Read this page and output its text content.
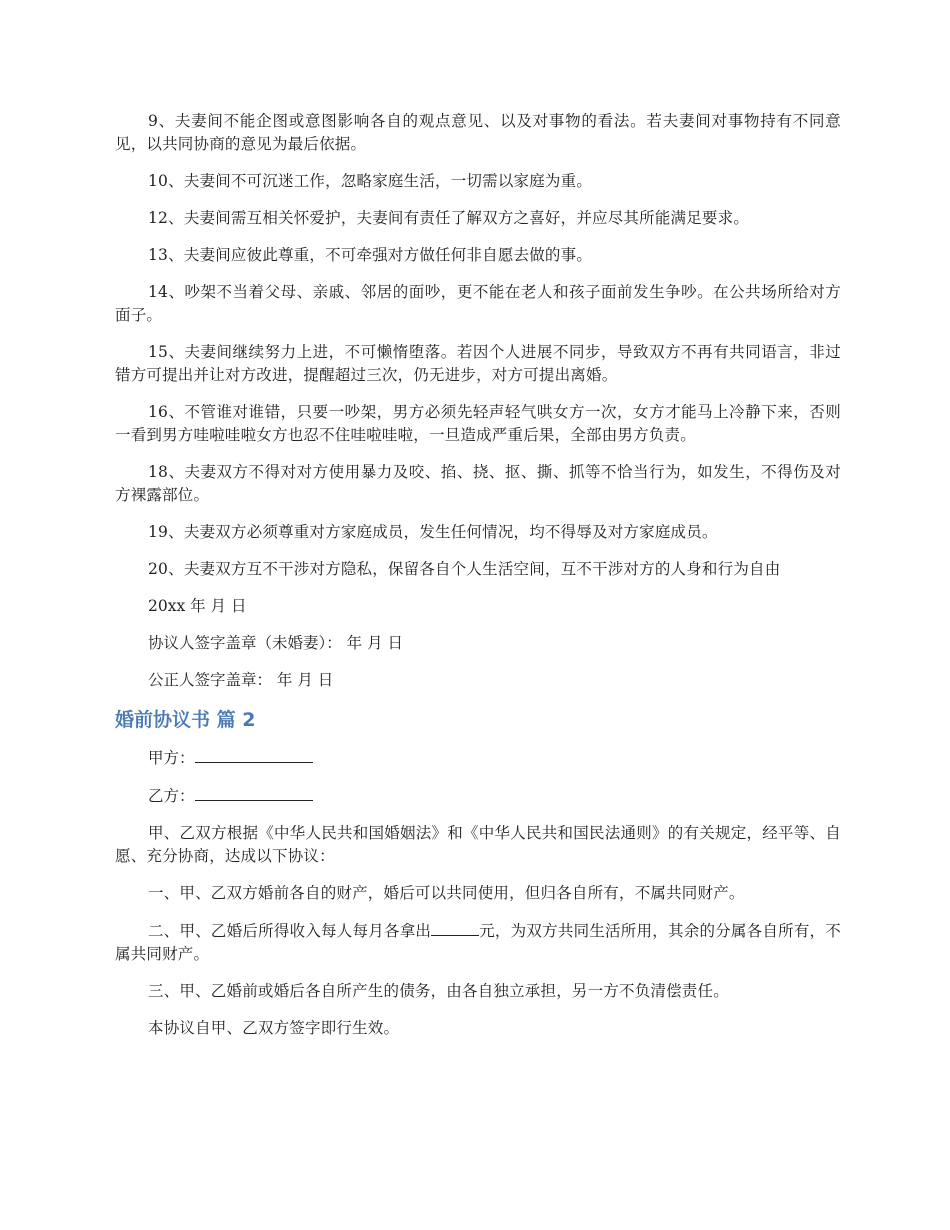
9、夫妻间不能企图或意图影响各自的观点意见、以及对事物的看法。若夫妻间对事物持有不同意见，以共同协商的意见为最后依据。

10、夫妻间不可沉迷工作，忽略家庭生活，一切需以家庭为重。

12、夫妻间需互相关怀爱护，夫妻间有责任了解双方之喜好，并应尽其所能满足要求。

13、夫妻间应彼此尊重，不可牵强对方做任何非自愿去做的事。

14、吵架不当着父母、亲戚、邻居的面吵，更不能在老人和孩子面前发生争吵。在公共场所给对方面子。

15、夫妻间继续努力上进，不可懒惰堕落。若因个人进展不同步，导致双方不再有共同语言，非过错方可提出并让对方改进，提醒超过三次，仍无进步，对方可提出离婚。

16、不管谁对谁错，只要一吵架，男方必须先轻声轻气哄女方一次，女方才能马上冷静下来，否则一看到男方哇啦哇啦女方也忍不住哇啦哇啦，一旦造成严重后果，全部由男方负责。

18、夫妻双方不得对对方使用暴力及咬、掐、挠、抠、撕、抓等不恰当行为，如发生，不得伤及对方裸露部位。

19、夫妻双方必须尊重对方家庭成员，发生任何情况，均不得辱及对方家庭成员。

20、夫妻双方互不干涉对方隐私，保留各自个人生活空间，互不干涉对方的人身和行为自由

20xx 年 月 日

协议人签字盖章（未婚妻）： 年 月 日

公正人签字盖章： 年 月 日

婚前协议书 篇 2

甲方：

乙方：

甲、乙双方根据《中华人民共和国婚姻法》和《中华人民共和国民法通则》的有关规定，经平等、自愿、充分协商，达成以下协议：

一、甲、乙双方婚前各自的财产，婚后可以共同使用，但归各自所有，不属共同财产。

二、甲、乙婚后所得收入每人每月各拿出	元，为双方共同生活所用，其余的分属各自所有，不属共同财产。

三、甲、乙婚前或婚后各自所产生的债务，由各自独立承担，另一方不负清偿责任。

本协议自甲、乙双方签字即行生效。
